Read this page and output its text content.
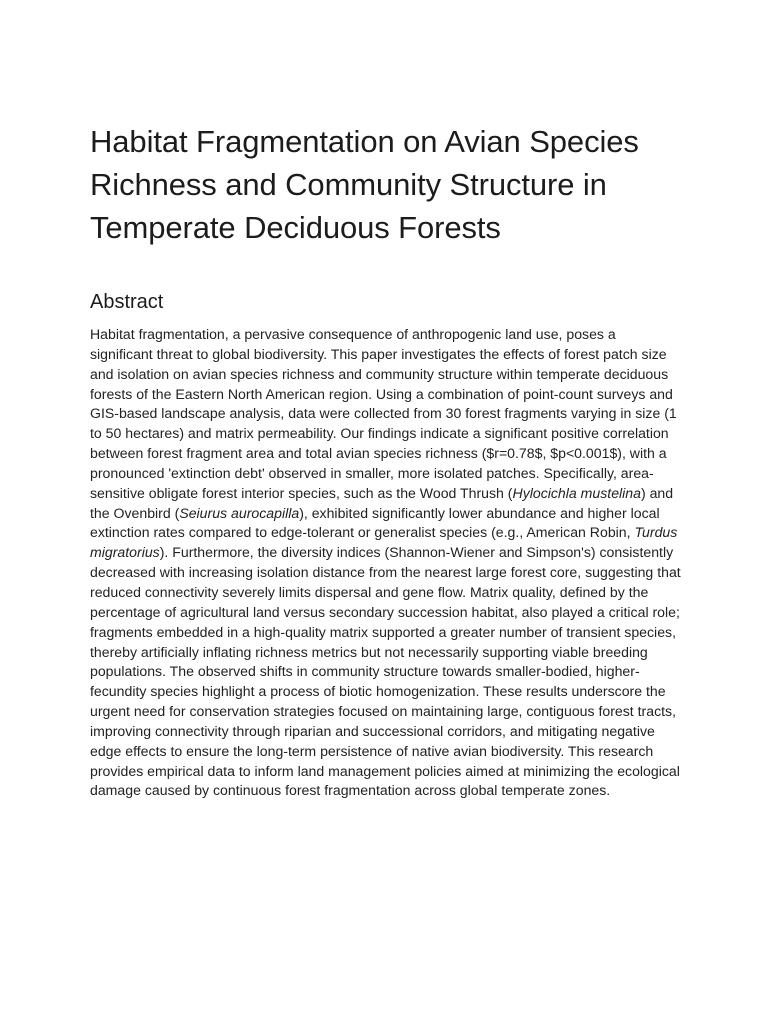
Habitat Fragmentation on Avian Species Richness and Community Structure in Temperate Deciduous Forests
Abstract

Habitat fragmentation, a pervasive consequence of anthropogenic land use, poses a significant threat to global biodiversity. This paper investigates the effects of forest patch size and isolation on avian species richness and community structure within temperate deciduous forests of the Eastern North American region. Using a combination of point-count surveys and GIS-based landscape analysis, data were collected from 30 forest fragments varying in size (1 to 50 hectares) and matrix permeability. Our findings indicate a significant positive correlation between forest fragment area and total avian species richness ($r=0.78$, $p<0.001$), with a pronounced 'extinction debt' observed in smaller, more isolated patches. Specifically, area-sensitive obligate forest interior species, such as the Wood Thrush (Hylocichla mustelina) and the Ovenbird (Seiurus aurocapilla), exhibited significantly lower abundance and higher local extinction rates compared to edge-tolerant or generalist species (e.g., American Robin, Turdus migratorius). Furthermore, the diversity indices (Shannon-Wiener and Simpson's) consistently decreased with increasing isolation distance from the nearest large forest core, suggesting that reduced connectivity severely limits dispersal and gene flow. Matrix quality, defined by the percentage of agricultural land versus secondary succession habitat, also played a critical role; fragments embedded in a high-quality matrix supported a greater number of transient species, thereby artificially inflating richness metrics but not necessarily supporting viable breeding populations. The observed shifts in community structure towards smaller-bodied, higher-fecundity species highlight a process of biotic homogenization. These results underscore the urgent need for conservation strategies focused on maintaining large, contiguous forest tracts, improving connectivity through riparian and successional corridors, and mitigating negative edge effects to ensure the long-term persistence of native avian biodiversity. This research provides empirical data to inform land management policies aimed at minimizing the ecological damage caused by continuous forest fragmentation across global temperate zones.
